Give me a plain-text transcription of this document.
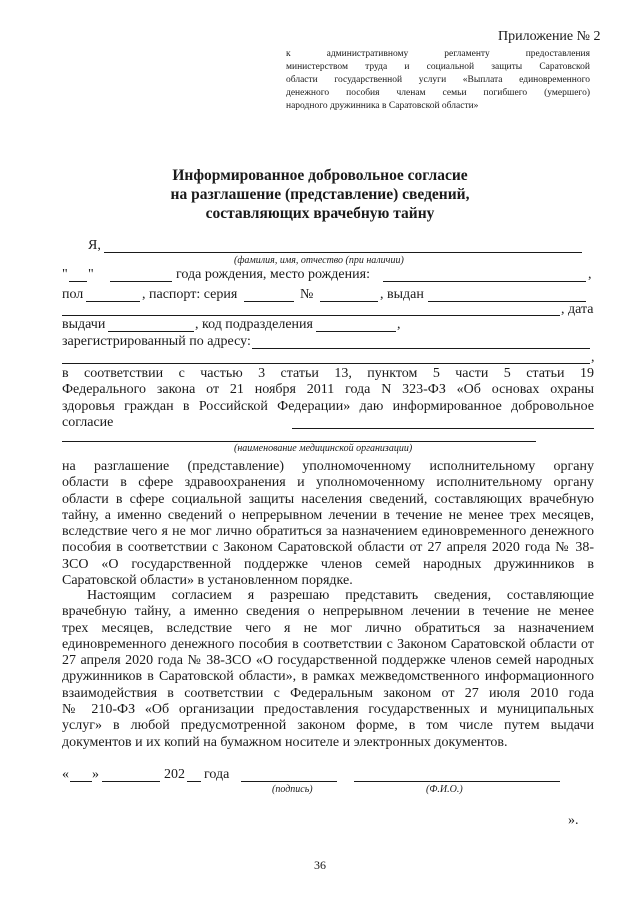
Приложение № 2
к административному регламенту предоставления
министерством труда и социальной защиты Саратовской
области государственной услуги «Выплата единовременного
денежного пособия членам семьи погибшего (умершего)
народного дружинника в Саратовской области»
Информированное добровольное согласие
на разглашение (представление) сведений,
составляющих врачебную тайну
Я,
(фамилия, имя, отчество (при наличии)
" "	года рождения, место рождения:	,
пол	, паспорт: серия	№	, выдан
, дата
выдачи	, код подразделения	,
зарегистрированный по адресу:
,
в соответствии с частью 3 статьи 13, пунктом 5 части 5 статьи 19
Федерального закона от 21 ноября 2011 года N 323-ФЗ «Об основах охраны
здоровья граждан в Российской Федерации» даю информированное добровольное
согласие
(наименование медицинской организации)
на разглашение (представление) уполномоченному исполнительному органу
области в сфере здравоохранения и уполномоченному исполнительному органу
области в сфере социальной защиты населения сведений, составляющих врачебную
тайну, а именно сведений о непрерывном лечении в течение не менее трех месяцев,
вследствие чего я не мог лично обратиться за назначением единовременного денежного
пособия в соответствии с Законом Саратовской области от 27 апреля 2020 года № 38-
ЗСО «О государственной поддержке членов семей народных дружинников в
Саратовской области» в установленном порядке.
Настоящим согласием я разрешаю представить сведения, составляющие
врачебную тайну, а именно сведения о непрерывном лечении в течение не менее
трех месяцев, вследствие чего я не мог лично обратиться за назначением
единовременного денежного пособия в соответствии с Законом Саратовской области от
27 апреля 2020 года № 38-ЗСО «О государственной поддержке членов семей народных
дружинников в Саратовской области», в рамках межведомственного информационного
взаимодействия в соответствии с Федеральным законом от 27 июля 2010 года
№ 210-ФЗ «Об организации предоставления государственных и муниципальных
услуг» в любой предусмотренной законом форме, в том числе путем выдачи
документов и их копий на бумажном носителе и электронных документов.
« »	202 года
(подпись)	(Ф.И.О.)
».
36
